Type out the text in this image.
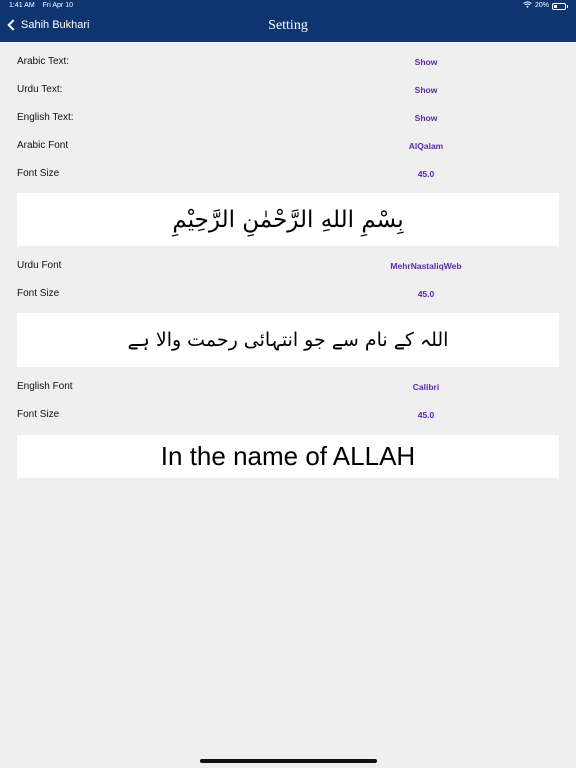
1:41 AM Fri Apr 10	20%
Sahih Bukhari	Setting
Arabic Text:	Show
Urdu Text:	Show
English Text:	Show
Arabic Font	AlQalam
Font Size	45.0
بِسْمِ اللهِ الرَّحْمٰنِ الرَّحِيْمِ
Urdu Font	MehrNastaliqWeb
Font Size	45.0
اللہ کے نام سے جو انتہائی رحمت والا ہے
English Font	Calibri
Font Size	45.0
In the name of ALLAH
